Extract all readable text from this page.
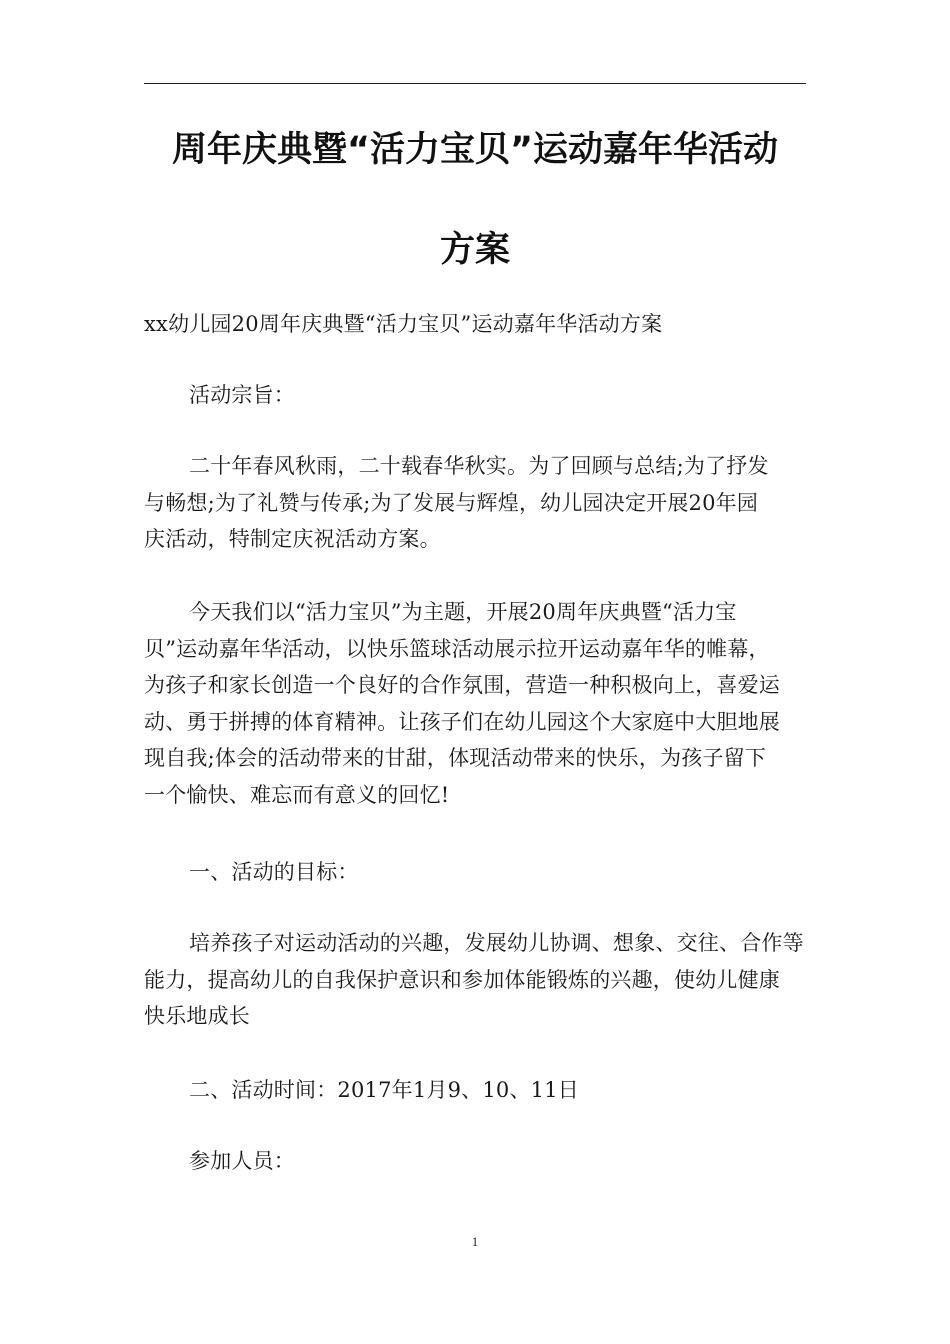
周年庆典暨“活力宝贝”运动嘉年华活动
方案
xx幼儿园20周年庆典暨“活力宝贝”运动嘉年华活动方案
活动宗旨：
二十年春风秋雨，二十载春华秋实。为了回顾与总结;为了抒发
与畅想;为了礼赞与传承;为了发展与辉煌，幼儿园决定开展20年园
庆活动，特制定庆祝活动方案。
今天我们以“活力宝贝”为主题，开展20周年庆典暨“活力宝
贝”运动嘉年华活动，以快乐篮球活动展示拉开运动嘉年华的帷幕，
为孩子和家长创造一个良好的合作氛围，营造一种积极向上，喜爱运
动、勇于拼搏的体育精神。让孩子们在幼儿园这个大家庭中大胆地展
现自我;体会的活动带来的甘甜，体现活动带来的快乐，为孩子留下
一个愉快、难忘而有意义的回忆!
一、活动的目标：
培养孩子对运动活动的兴趣，发展幼儿协调、想象、交往、合作等
能力，提高幼儿的自我保护意识和参加体能锻炼的兴趣，使幼儿健康
快乐地成长
二、活动时间：2017年1月9、10、11日
参加人员：
1
